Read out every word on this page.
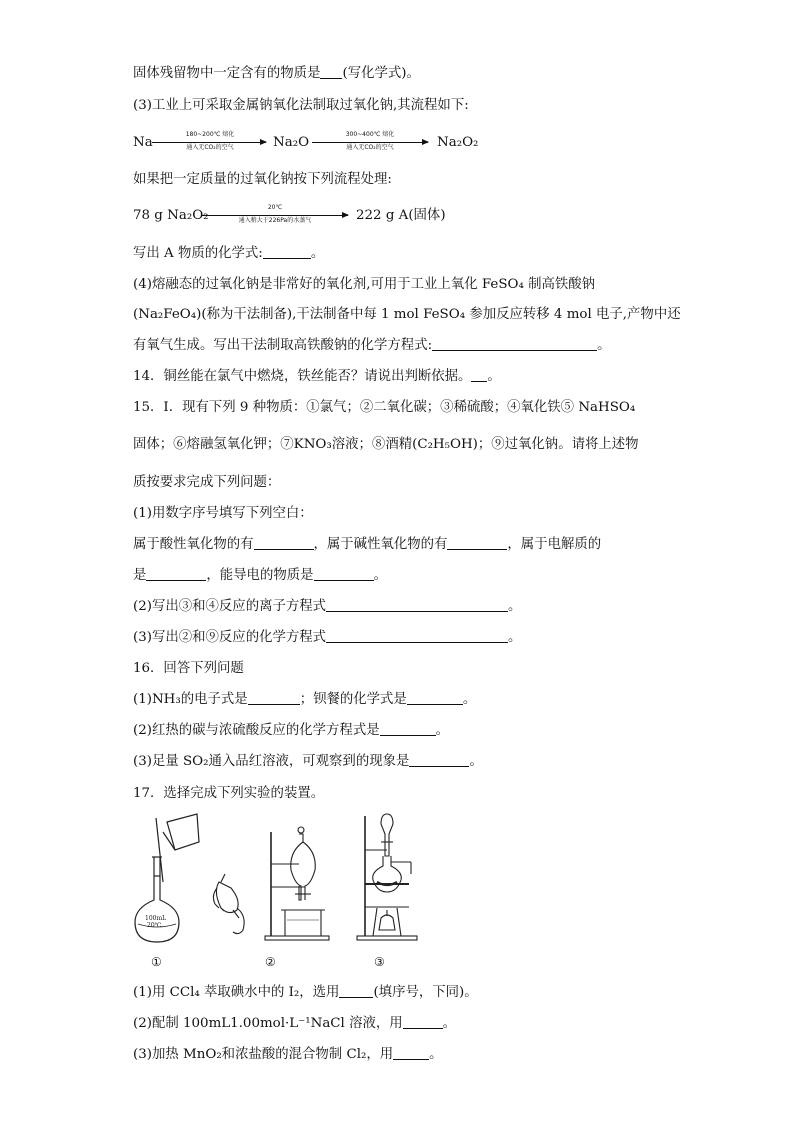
固体残留物中一定含有的物质是 (写化学式)。
(3)工业上可采取金属钠氧化法制取过氧化钠,其流程如下:
Na
180~200℃ 熔化
通入无CO₂的空气	Na₂O
300~400℃ 熔化
通入无CO₂的空气	Na₂O₂
如果把一定质量的过氧化钠按下列流程处理:
78 g Na₂O₂
20℃
通入稍大于226Pa的水蒸气	222 g A(固体)
写出 A 物质的化学式:	。
(4)熔融态的过氧化钠是非常好的氧化剂,可用于工业上氧化 FeSO₄ 制高铁酸钠
(Na₂FeO₄)(称为干法制备),干法制备中每 1 mol FeSO₄ 参加反应转移 4 mol 电子,产物中还
有氧气生成。写出干法制取高铁酸钠的化学方程式:	。
14．铜丝能在氯气中燃烧，铁丝能否？请说出判断依据。 。
15．Ⅰ．现有下列 9 种物质：①氯气；②二氧化碳；③稀硫酸；④氧化铁⑤ NaHSO₄
固体；⑥熔融氢氧化钾；⑦KNO₃溶液；⑧酒精(C₂H₅OH)；⑨过氧化钠。请将上述物
质按要求完成下列问题：
(1)用数字序号填写下列空白：
属于酸性氧化物的有	，属于碱性氧化物的有	，属于电解质的
是	，能导电的物质是	。
(2)写出③和④反应的离子方程式	。
(3)写出②和⑨反应的化学方程式	。
16．回答下列问题
(1)NH₃的电子式是	；钡餐的化学式是	。
(2)红热的碳与浓硫酸反应的化学方程式是	。
(3)足量 SO₂通入品红溶液，可观察到的现象是	。
17．选择完成下列实验的装置。
100mL
20℃
①	②	③
(1)用 CCl₄ 萃取碘水中的 I₂，选用	(填序号，下同)。
(2)配制 100mL1.00mol·L⁻¹NaCl 溶液，用	。
(3)加热 MnO₂和浓盐酸的混合物制 Cl₂，用	。
